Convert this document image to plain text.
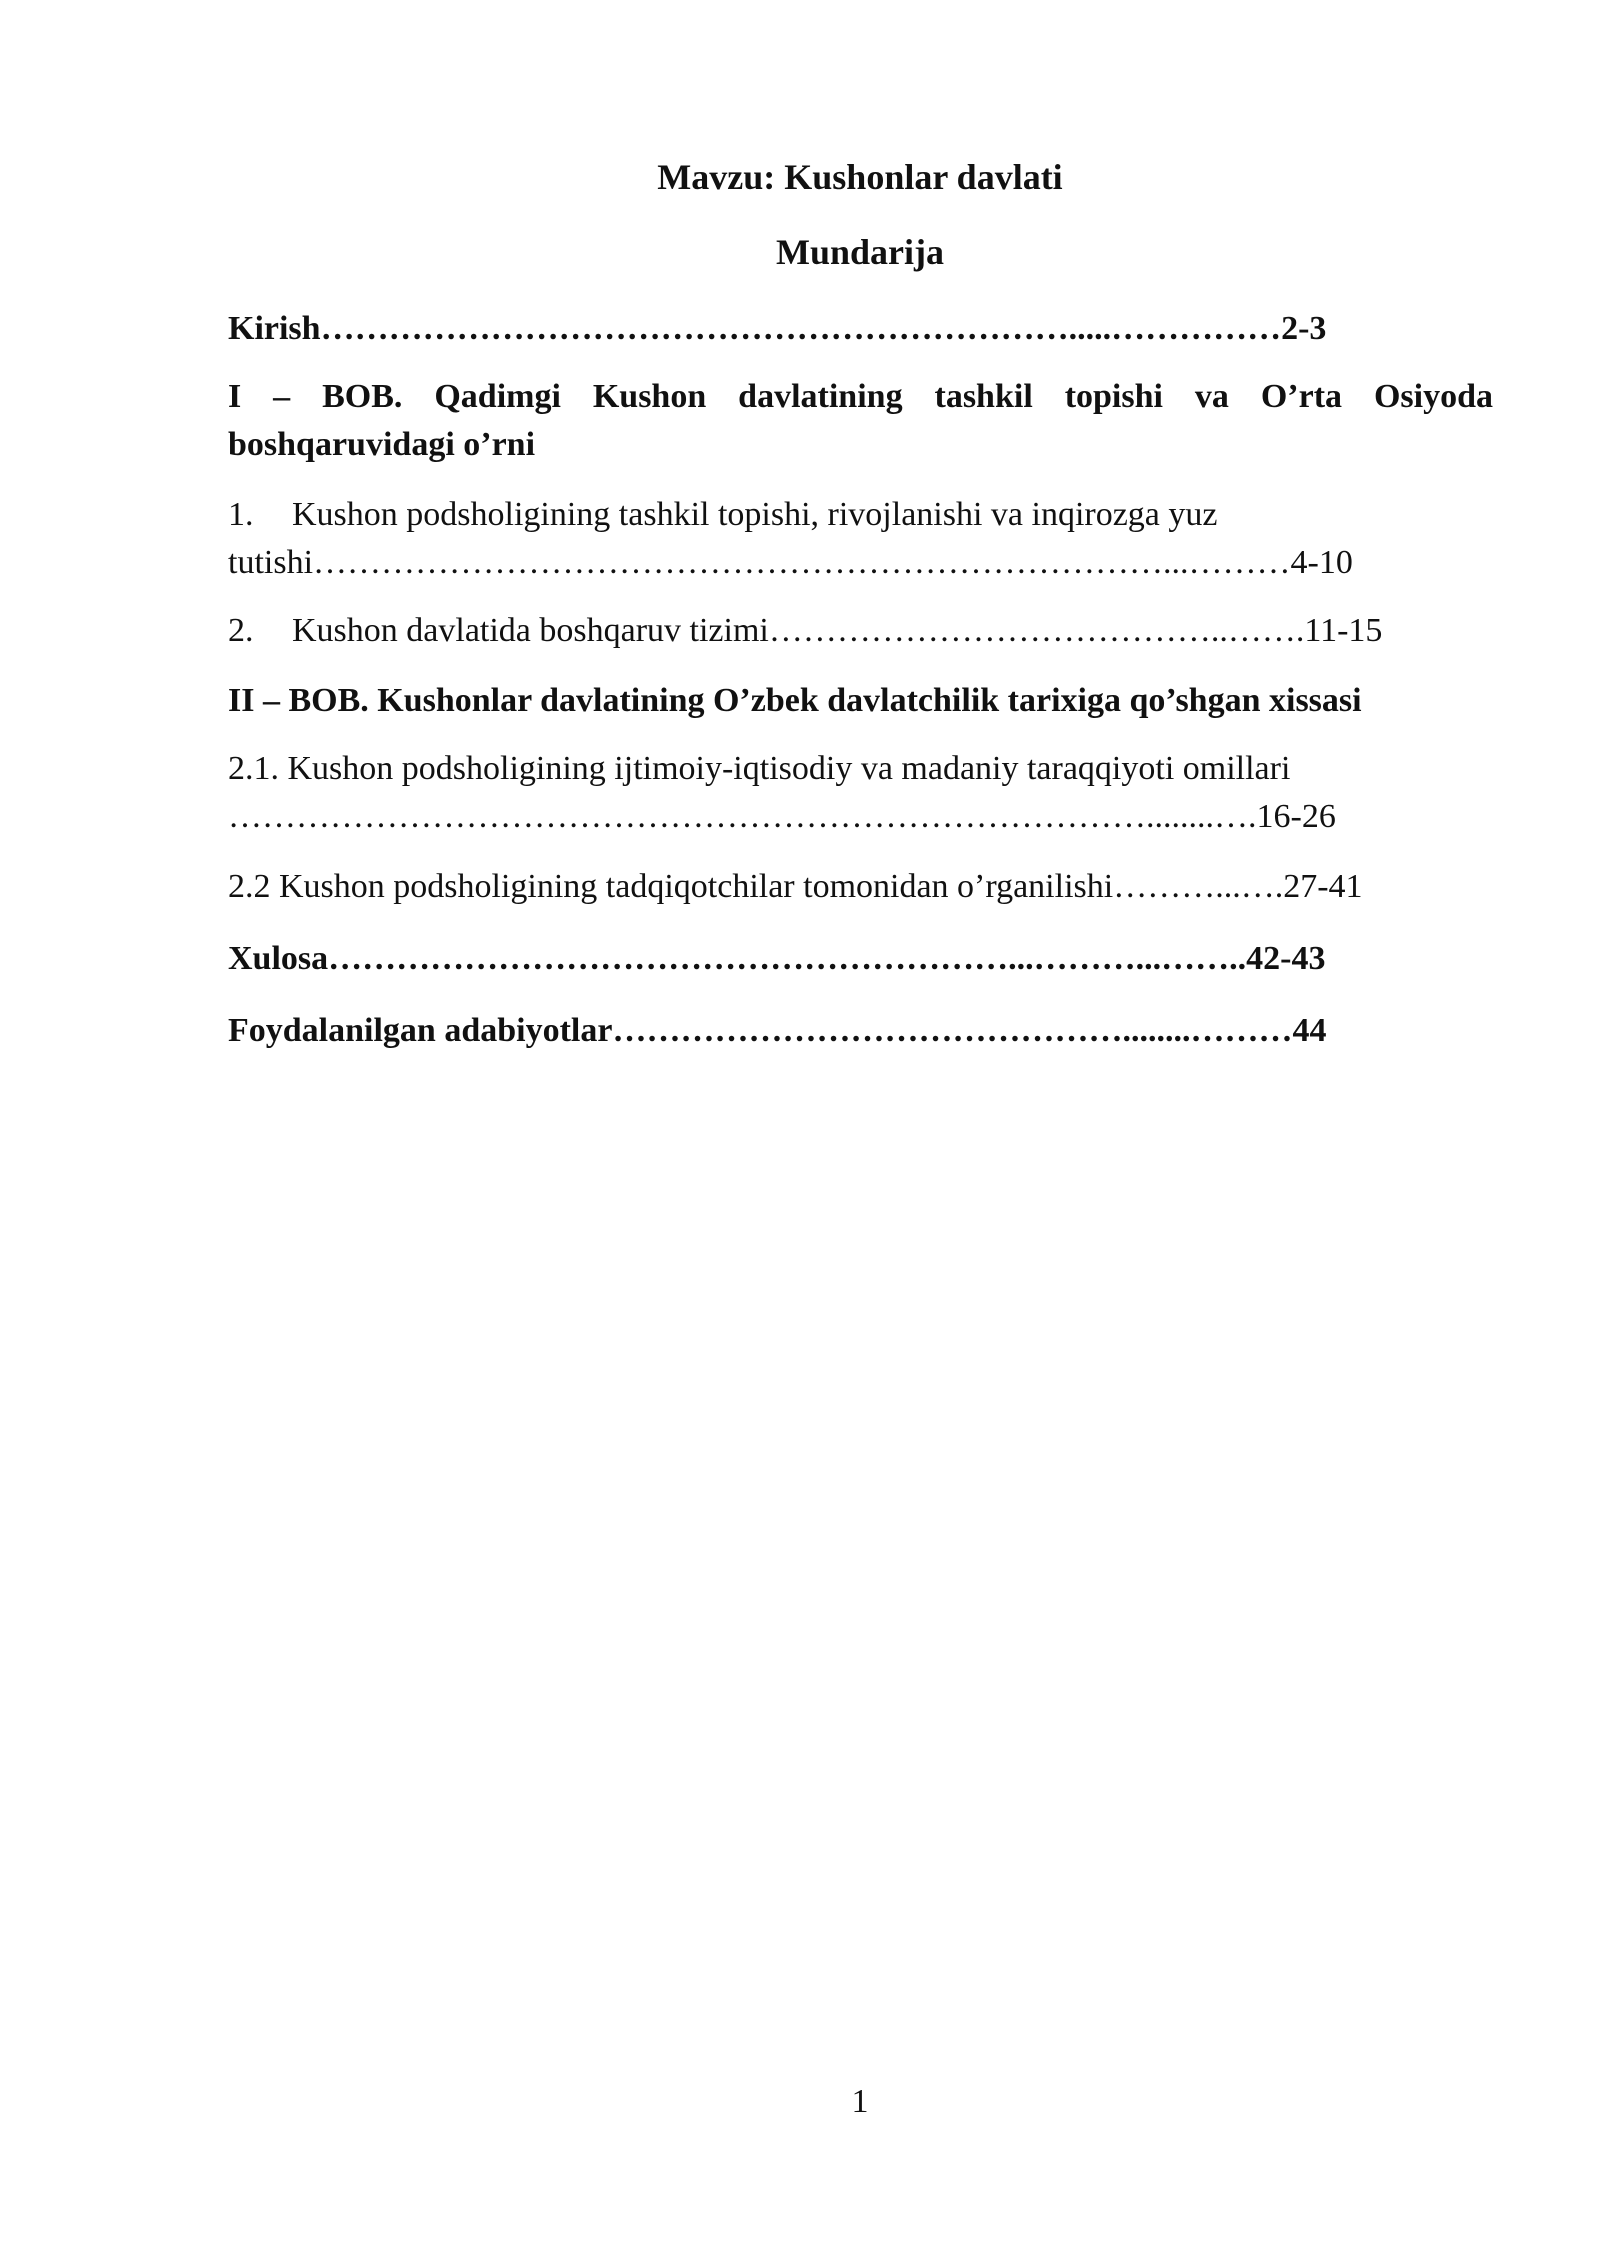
Mavzu: Kushonlar davlati
Mundarija
Kirish………………………………………………………….....……………2-3
I – BOB. Qadimgi Kushon davlatining tashkil topishi va O’rta Osiyoda
boshqaruvidagi o’rni
1. Kushon podsholigining tashkil topishi, rivojlanishi va inqirozga yuz
tutishi…………………………………………………………………...………4-10
2. Kushon davlatida boshqaruv tizimi…………………………………..…….11-15
II – BOB. Kushonlar davlatining O’zbek davlatchilik tarixiga qo’shgan xissasi
2.1. Kushon podsholigining ijtimoiy-iqtisodiy va madaniy taraqqiyoti omillari
………………………………………………………………………........….16-26
2.2 Kushon podsholigining tadqiqotchilar tomonidan o’rganilishi………...….27-41
Xulosa……………………………………………………...………...……..42-43
Foydalanilgan adabiyotlar………………………………………........………44
1
